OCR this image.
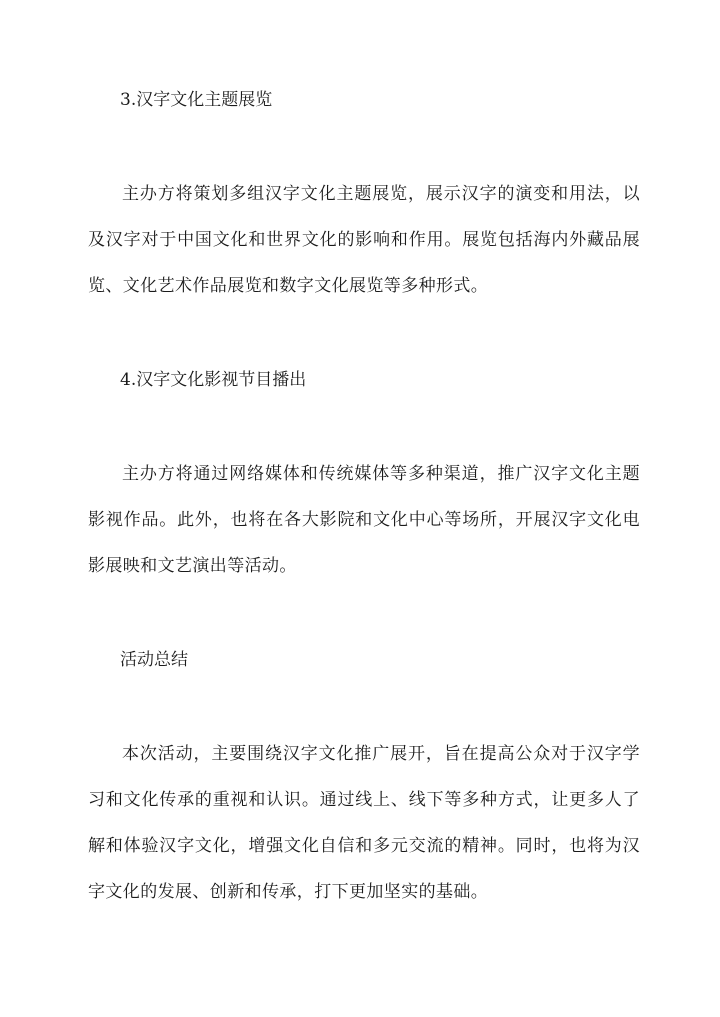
3.汉字文化主题展览

主办方将策划多组汉字文化主题展览，展示汉字的演变和用法，以及汉字对于中国文化和世界文化的影响和作用。展览包括海内外藏品展览、文化艺术作品展览和数字文化展览等多种形式。

4.汉字文化影视节目播出

主办方将通过网络媒体和传统媒体等多种渠道，推广汉字文化主题影视作品。此外，也将在各大影院和文化中心等场所，开展汉字文化电影展映和文艺演出等活动。

活动总结

本次活动，主要围绕汉字文化推广展开，旨在提高公众对于汉字学习和文化传承的重视和认识。通过线上、线下等多种方式，让更多人了解和体验汉字文化，增强文化自信和多元交流的精神。同时，也将为汉字文化的发展、创新和传承，打下更加坚实的基础。
